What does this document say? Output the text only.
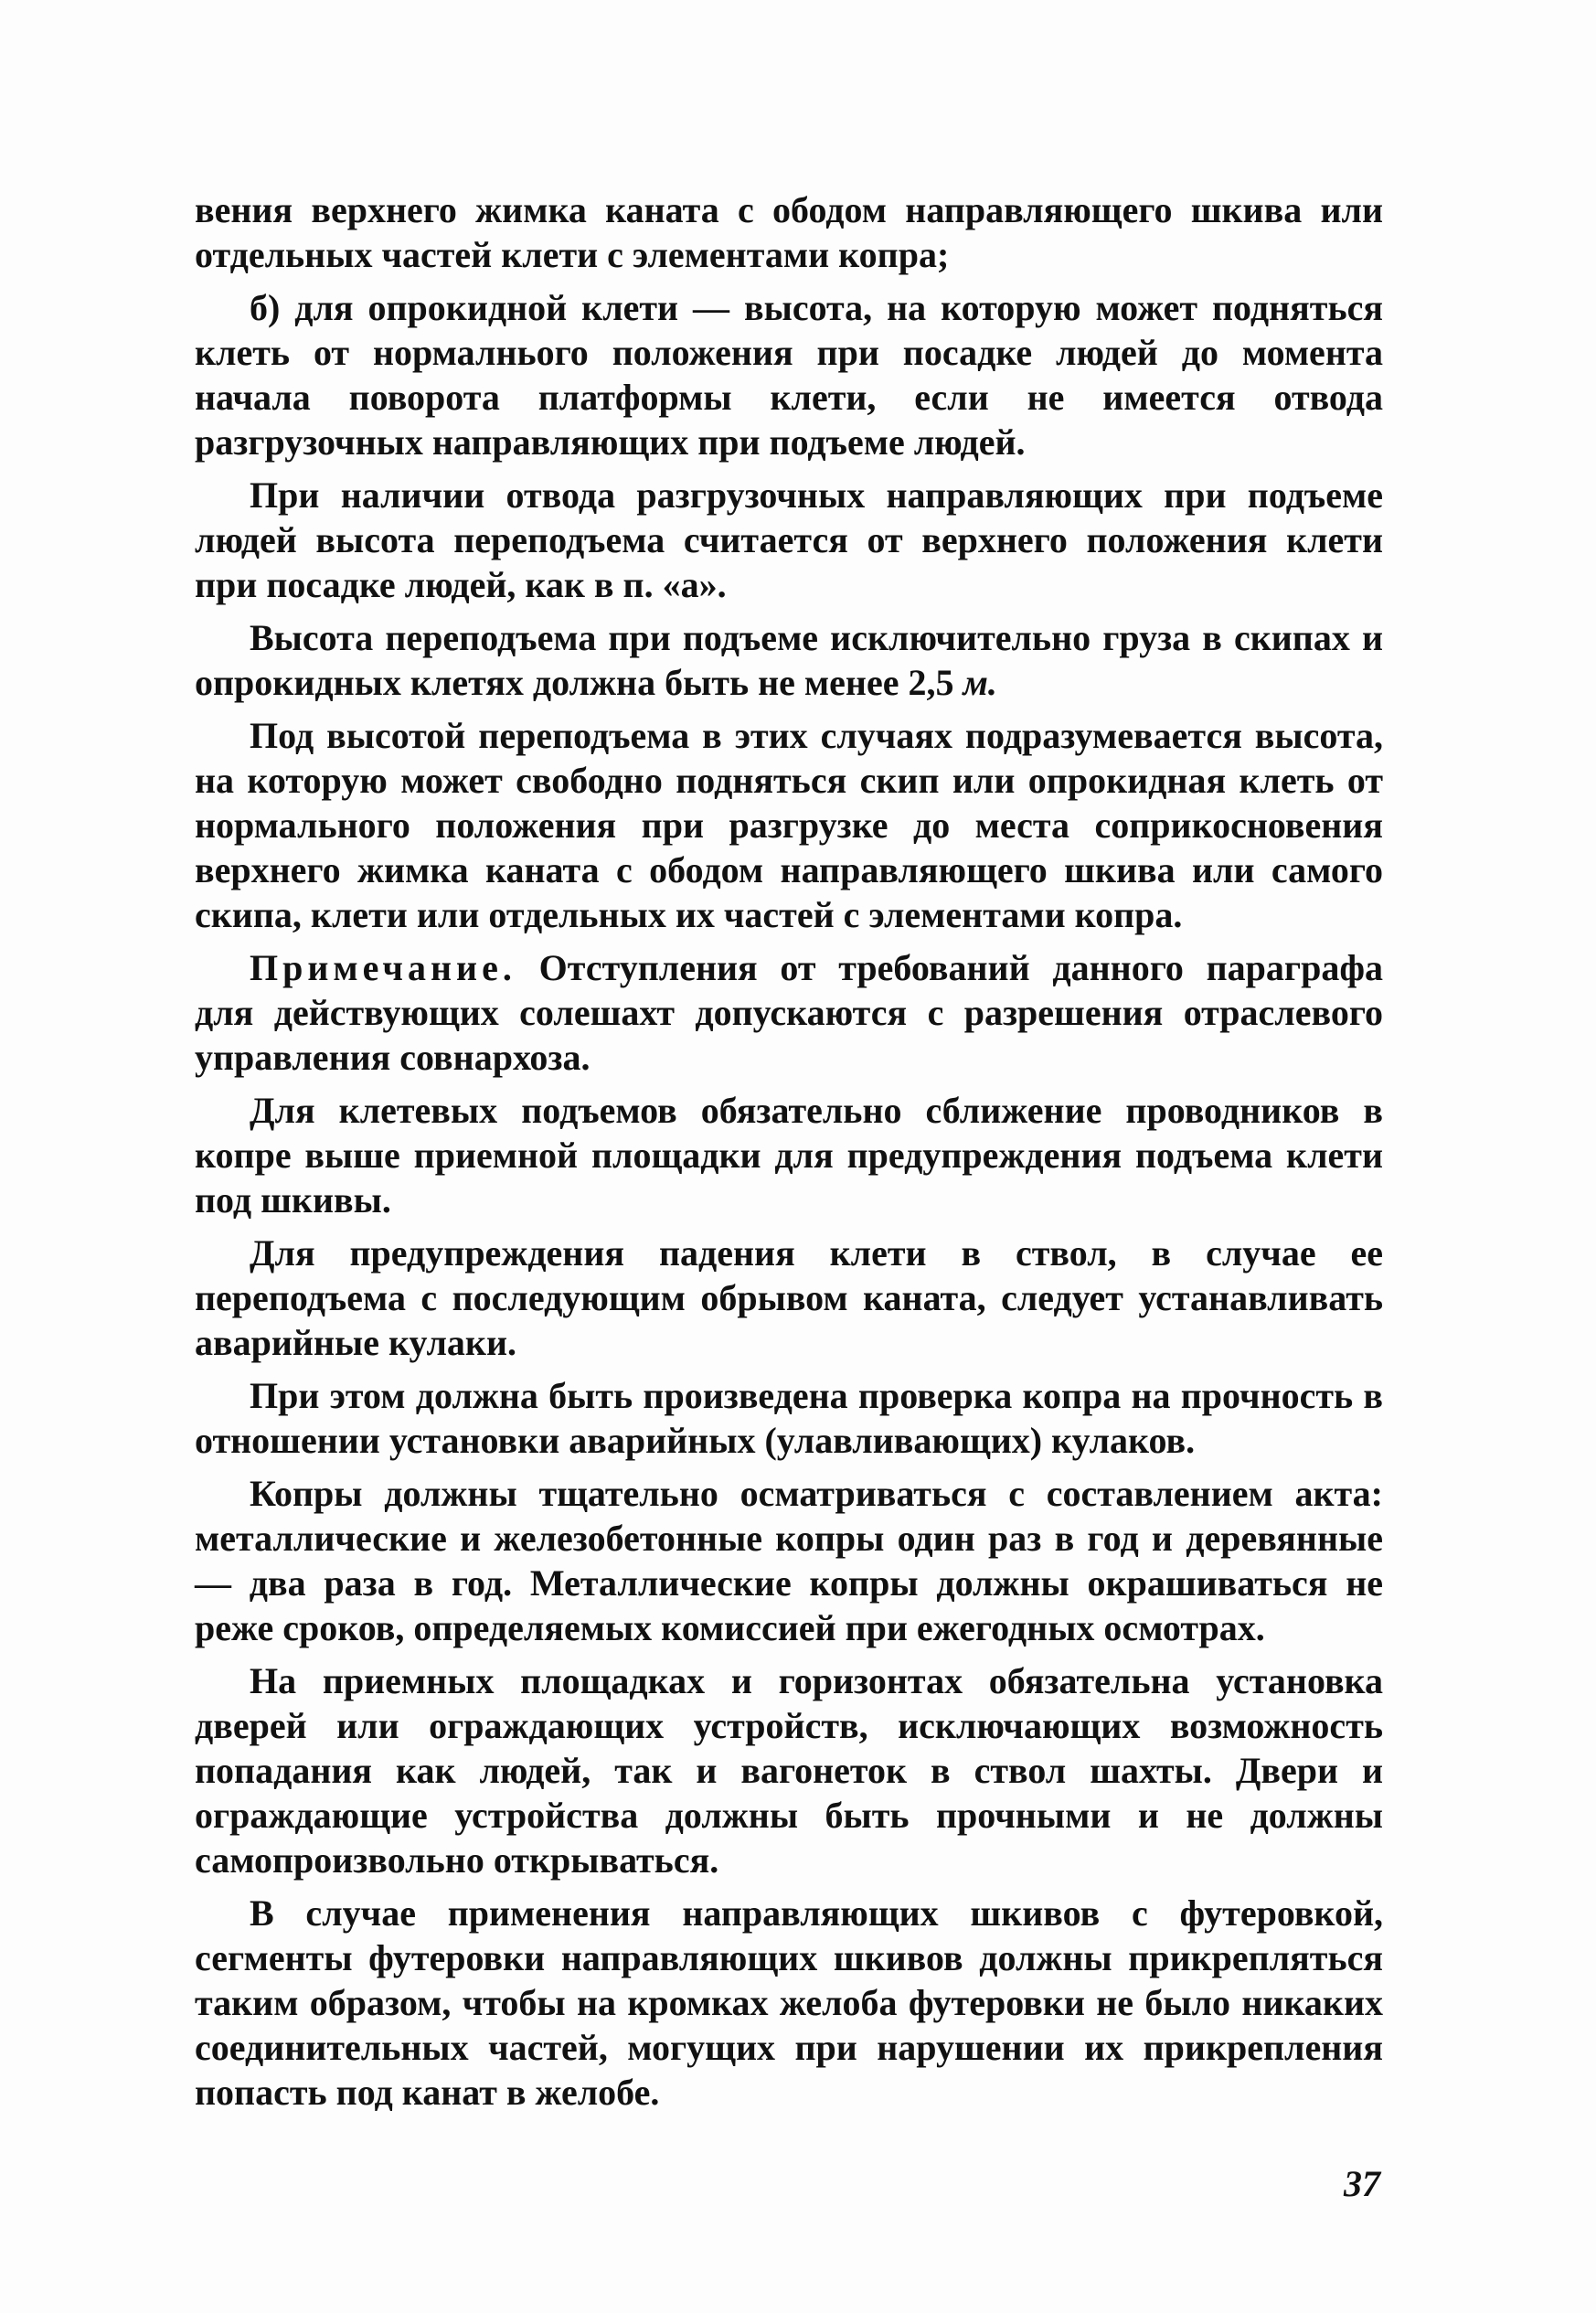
вения верхнего жимка каната с ободом направляющего шкива или отдельных частей клети с элементами копра;

б) для опрокидной клети — высота, на которую может подняться клеть от нормалнього положения при посадке людей до момента начала поворота платформы клети, если не имеется отвода разгрузочных направляющих при подъеме людей.

При наличии отвода разгрузочных направляющих при подъеме людей высота переподъема считается от верхнего положения клети при посадке людей, как в п. «а».

Высота переподъема при подъеме исключительно груза в скипах и опрокидных клетях должна быть не менее 2,5 м.

Под высотой переподъема в этих случаях подразумевается высота, на которую может свободно подняться скип или опрокидная клеть от нормального положения при разгрузке до места соприкосновения верхнего жимка каната с ободом направляющего шкива или самого скипа, клети или отдельных их частей с элементами копра.

Примечание. Отступления от требований данного параграфа для действующих солешахт допускаются с разрешения отраслевого управления совнархоза.

Для клетевых подъемов обязательно сближение проводников в копре выше приемной площадки для предупреждения подъема клети под шкивы.

Для предупреждения падения клети в ствол, в случае ее переподъема с последующим обрывом каната, следует устанавливать аварийные кулаки.

При этом должна быть произведена проверка копра на прочность в отношении установки аварийных (улавливающих) кулаков.

Копры должны тщательно осматриваться с составлением акта: металлические и железобетонные копры один раз в год и деревянные — два раза в год. Металлические копры должны окрашиваться не реже сроков, определяемых комиссией при ежегодных осмотрах.

На приемных площадках и горизонтах обязательна установка дверей или ограждающих устройств, исключающих возможность попадания как людей, так и вагонеток в ствол шахты. Двери и ограждающие устройства должны быть прочными и не должны самопроизвольно открываться.

В случае применения направляющих шкивов с футеровкой, сегменты футеровки направляющих шкивов должны прикрепляться таким образом, чтобы на кромках желоба футеровки не было никаких соединительных частей, могущих при нарушении их прикрепления попасть под канат в желобе.

37
